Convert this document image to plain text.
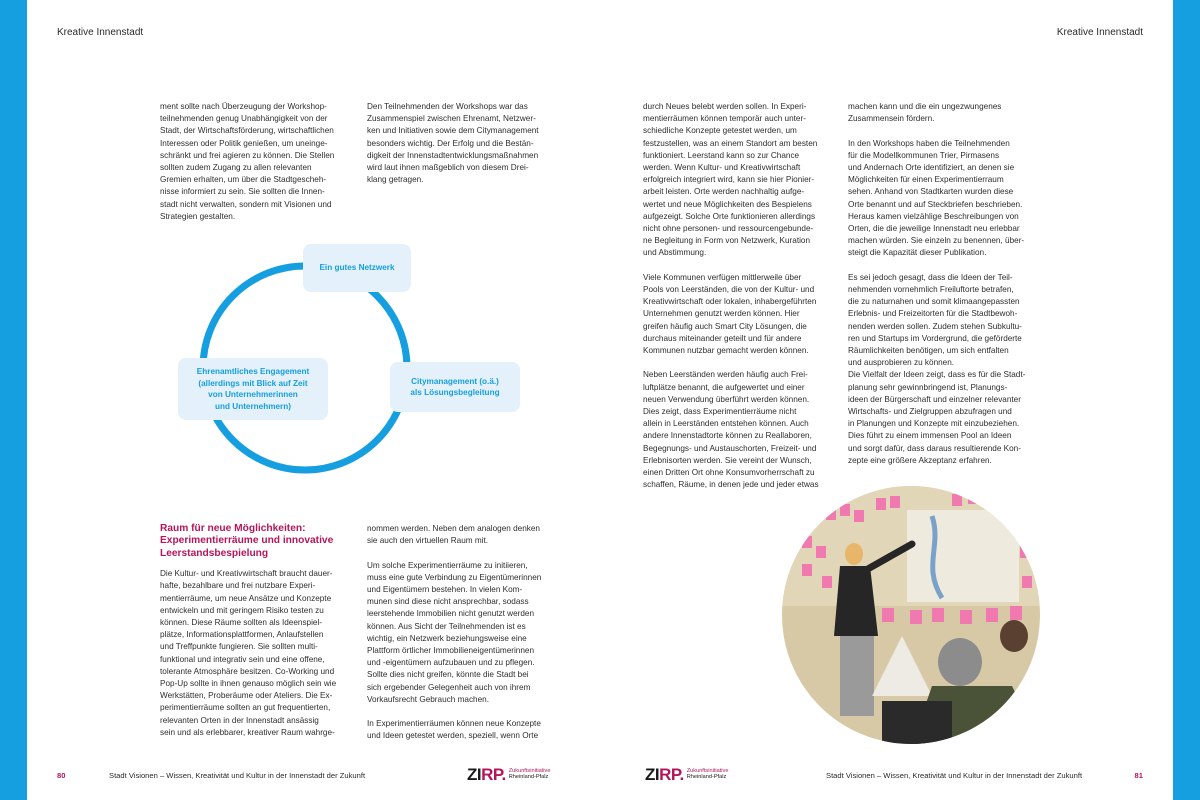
Kreative Innenstadt

ment sollte nach Überzeugung der Workshop-
teilnehmenden genug Unabhängigkeit von der
Stadt, der Wirtschaftsförderung, wirtschaftlichen
Interessen oder Politik genießen, um uneinge-
schränkt und frei agieren zu können. Die Stellen
sollten zudem Zugang zu allen relevanten
Gremien erhalten, um über die Stadtgescheh-
nisse informiert zu sein. Sie sollten die Innen-
stadt nicht verwalten, sondern mit Visionen und
Strategien gestalten.

Den Teilnehmenden der Workshops war das
Zusammenspiel zwischen Ehrenamt, Netzwer-
ken und Initiativen sowie dem Citymanagement
besonders wichtig. Der Erfolg und die Bestän-
digkeit der Innenstadtentwicklungsmaßnahmen
wird laut ihnen maßgeblich von diesem Drei-
klang getragen.

Raum für neue Möglichkeiten:
Experimentierräume und innovative
Leerstandsbespielung

Die Kultur- und Kreativwirtschaft braucht dauer-
hafte, bezahlbare und frei nutzbare Experi-
mentierräume, um neue Ansätze und Konzepte
entwickeln und mit geringem Risiko testen zu
können. Diese Räume sollten als Ideenspiel-
plätze, Informationsplattformen, Anlaufstellen
und Treffpunkte fungieren. Sie sollten multi-
funktional und integrativ sein und eine offene,
tolerante Atmosphäre besitzen. Co-Working und
Pop-Up sollte in ihnen genauso möglich sein wie
Werkstätten, Proberäume oder Ateliers. Die Ex-
perimentierräume sollten an gut frequentierten,
relevanten Orten in der Innenstadt ansässig
sein und als erlebbarer, kreativer Raum wahrge-

nommen werden. Neben dem analogen denken
sie auch den virtuellen Raum mit.

Um solche Experimentierräume zu initiieren,
muss eine gute Verbindung zu Eigentümerinnen
und Eigentümern bestehen. In vielen Kom-
munen sind diese nicht ansprechbar, sodass
leerstehende Immobilien nicht genutzt werden
können. Aus Sicht der Teilnehmenden ist es
wichtig, ein Netzwerk beziehungsweise eine
Plattform örtlicher Immobilieneigentümerinnen
und -eigentümern aufzubauen und zu pflegen.
Sollte dies nicht greifen, könnte die Stadt bei
sich ergebender Gelegenheit auch von ihrem
Vorkaufsrecht Gebrauch machen.

In Experimentierräumen können neue Konzepte
und Ideen getestet werden, speziell, wenn Orte

80	Stadt Visionen – Wissen, Kreativität und Kultur in der Innenstadt der Zukunft	ZIRP. Zukunftsinitiative
Rheinland-Pfalz
Ein gutes Netzwerk
Ehrenamtliches Engagement
(allerdings mit Blick auf Zeit
von Unternehmerinnen
und Unternehmern)
Citymanagement (o.ä.)
als Lösungsbegleitung
Kreative Innenstadt

durch Neues belebt werden sollen. In Experi-
mentierräumen können temporär auch unter-
schiedliche Konzepte getestet werden, um
festzustellen, was an einem Standort am besten
funktioniert. Leerstand kann so zur Chance
werden. Wenn Kultur- und Kreativwirtschaft
erfolgreich integriert wird, kann sie hier Pionier-
arbeit leisten. Orte werden nachhaltig aufge-
wertet und neue Möglichkeiten des Bespielens
aufgezeigt. Solche Orte funktionieren allerdings
nicht ohne personen- und ressourcengebunde-
ne Begleitung in Form von Netzwerk, Kuration
und Abstimmung.

Viele Kommunen verfügen mittlerweile über
Pools von Leerständen, die von der Kultur- und
Kreativwirtschaft oder lokalen, inhabergeführten
Unternehmen genutzt werden können. Hier
greifen häufig auch Smart City Lösungen, die
durchaus miteinander geteilt und für andere
Kommunen nutzbar gemacht werden können.

Neben Leerständen werden häufig auch Frei-
luftplätze benannt, die aufgewertet und einer
neuen Verwendung überführt werden können.
Dies zeigt, dass Experimentierräume nicht
allein in Leerständen entstehen können. Auch
andere Innenstadtorte können zu Reallaboren,
Begegnungs- und Austauschorten, Freizeit- und
Erlebnisorten werden. Sie vereint der Wunsch,
einen Dritten Ort ohne Konsumvorherrschaft zu
schaffen, Räume, in denen jede und jeder etwas

machen kann und die ein ungezwungenes
Zusammensein fördern.

In den Workshops haben die Teilnehmenden
für die Modellkommunen Trier, Pirmasens
und Andernach Orte identifiziert, an denen sie
Möglichkeiten für einen Experimentierraum
sehen. Anhand von Stadtkarten wurden diese
Orte benannt und auf Steckbriefen beschrieben.
Heraus kamen vielzählige Beschreibungen von
Orten, die die jeweilige Innenstadt neu erlebbar
machen würden. Sie einzeln zu benennen, über-
steigt die Kapazität dieser Publikation.

Es sei jedoch gesagt, dass die Ideen der Teil-
nehmenden vornehmlich Freiluftorte betrafen,
die zu naturnahen und somit klimaangepassten
Erlebnis- und Freizeitorten für die Stadtbewoh-
nenden werden sollen. Zudem stehen Subkultu-
ren und Startups im Vordergrund, die geförderte
Räumlichkeiten benötigen, um sich entfalten
und ausprobieren zu können.
Die Vielfalt der Ideen zeigt, dass es für die Stadt-
planung sehr gewinnbringend ist, Planungs-
ideen der Bürgerschaft und einzelner relevanter
Wirtschafts- und Zielgruppen abzufragen und
in Planungen und Konzepte mit einzubeziehen.
Dies führt zu einem immensen Pool an Ideen
und sorgt dafür, dass daraus resultierende Kon-
zepte eine größere Akzeptanz erfahren.

ZIRP. Zukunftsinitiative
Rheinland-Pfalz	Stadt Visionen – Wissen, Kreativität und Kultur in der Innenstadt der Zukunft	81
